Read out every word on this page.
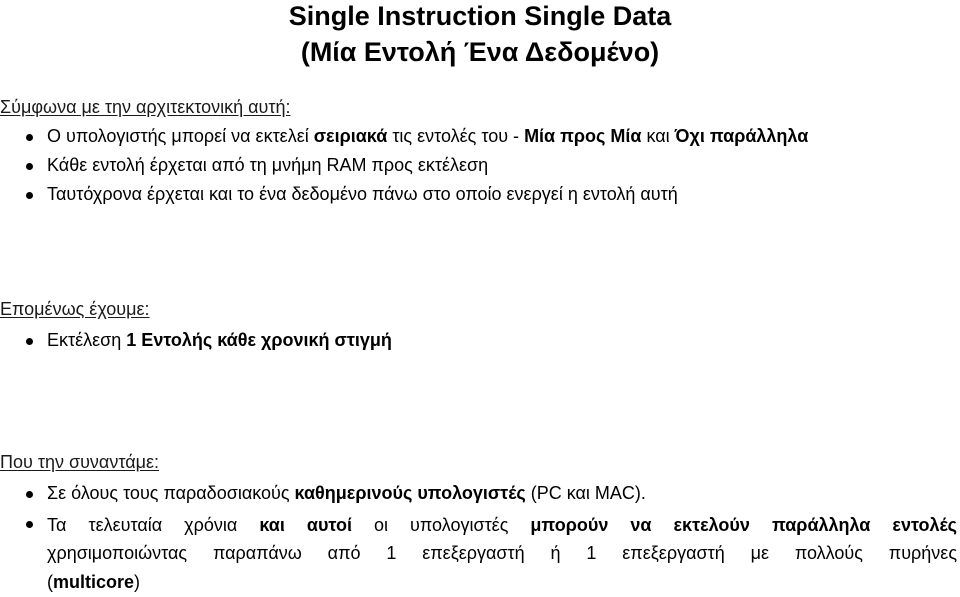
Single Instruction Single Data
(Μία Εντολή Ένα Δεδομένο)
Σύμφωνα με την αρχιτεκτονική αυτή:
Ο υπολογιστής μπορεί να εκτελεί σειριακά τις εντολές του - Μία προς Μία και Όχι παράλληλα
Κάθε εντολή έρχεται από τη μνήμη RAM προς εκτέλεση
Ταυτόχρονα έρχεται και το ένα δεδομένο πάνω στο οποίο ενεργεί η εντολή αυτή
Επομένως έχουμε:
Εκτέλεση 1 Εντολής κάθε χρονική στιγμή
Που την συναντάμε:
Σε όλους τους παραδοσιακούς καθημερινούς υπολογιστές (PC και MAC).
Τα τελευταία χρόνια και αυτοί οι υπολογιστές μπορούν να εκτελούν παράλληλα εντολές
χρησιμοποιώντας παραπάνω από 1 επεξεργαστή ή 1 επεξεργαστή με πολλούς πυρήνες
(multicore)
